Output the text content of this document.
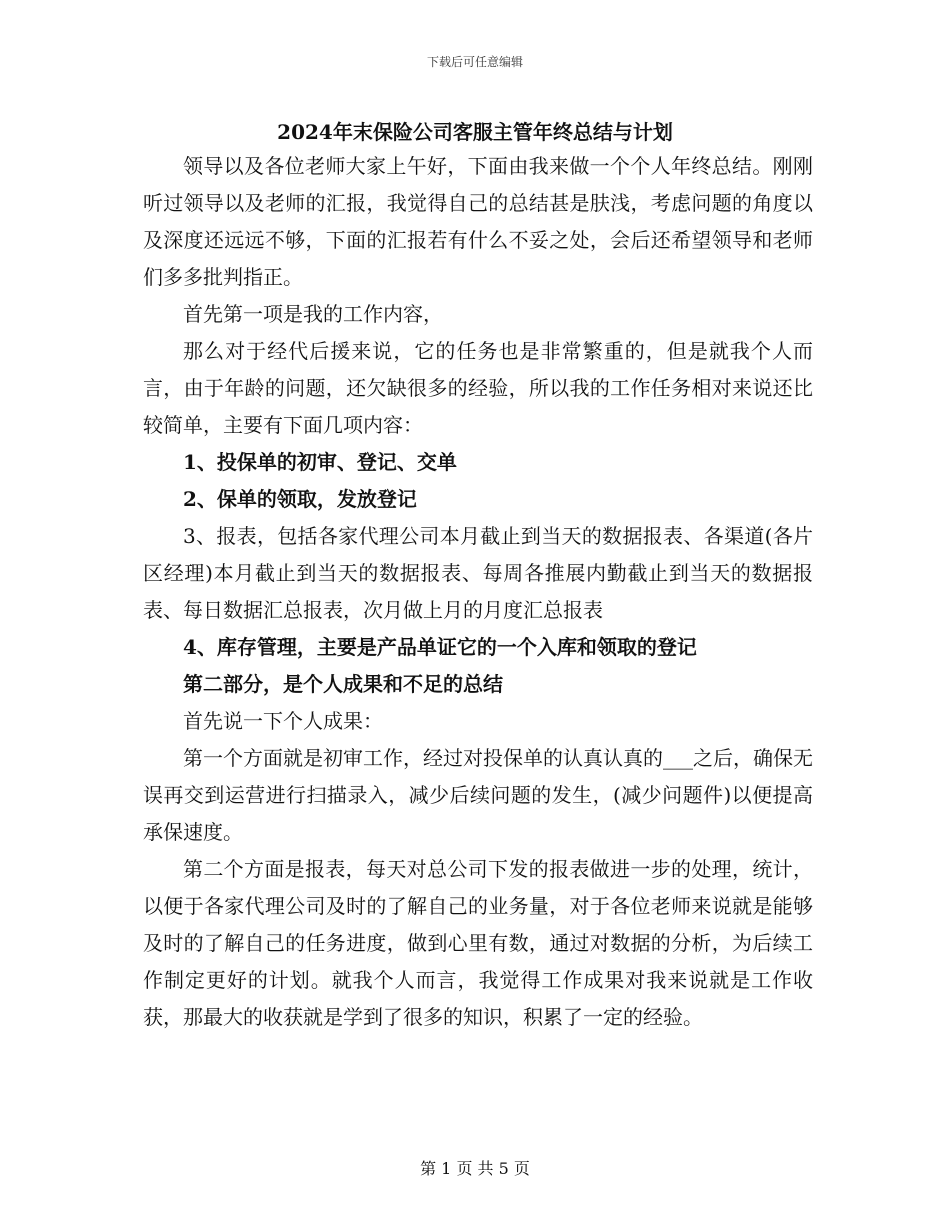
下载后可任意编辑
2024年末保险公司客服主管年终总结与计划

领导以及各位老师大家上午好，下面由我来做一个个人年终总结。刚刚听过领导以及老师的汇报，我觉得自己的总结甚是肤浅，考虑问题的角度以及深度还远远不够，下面的汇报若有什么不妥之处，会后还希望领导和老师们多多批判指正。

首先第一项是我的工作内容，

那么对于经代后援来说，它的任务也是非常繁重的，但是就我个人而言，由于年龄的问题，还欠缺很多的经验，所以我的工作任务相对来说还比较简单，主要有下面几项内容：

1、投保单的初审、登记、交单

2、保单的领取，发放登记

3、报表，包括各家代理公司本月截止到当天的数据报表、各渠道(各片区经理)本月截止到当天的数据报表、每周各推展内勤截止到当天的数据报表、每日数据汇总报表，次月做上月的月度汇总报表

4、库存管理，主要是产品单证它的一个入库和领取的登记

第二部分，是个人成果和不足的总结

首先说一下个人成果：

第一个方面就是初审工作，经过对投保单的认真认真的___之后，确保无误再交到运营进行扫描录入，减少后续问题的发生，(减少问题件)以便提高承保速度。

第二个方面是报表，每天对总公司下发的报表做进一步的处理，统计，以便于各家代理公司及时的了解自己的业务量，对于各位老师来说就是能够及时的了解自己的任务进度，做到心里有数，通过对数据的分析，为后续工作制定更好的计划。就我个人而言，我觉得工作成果对我来说就是工作收获，那最大的收获就是学到了很多的知识，积累了一定的经验。

第 1 页 共 5 页
